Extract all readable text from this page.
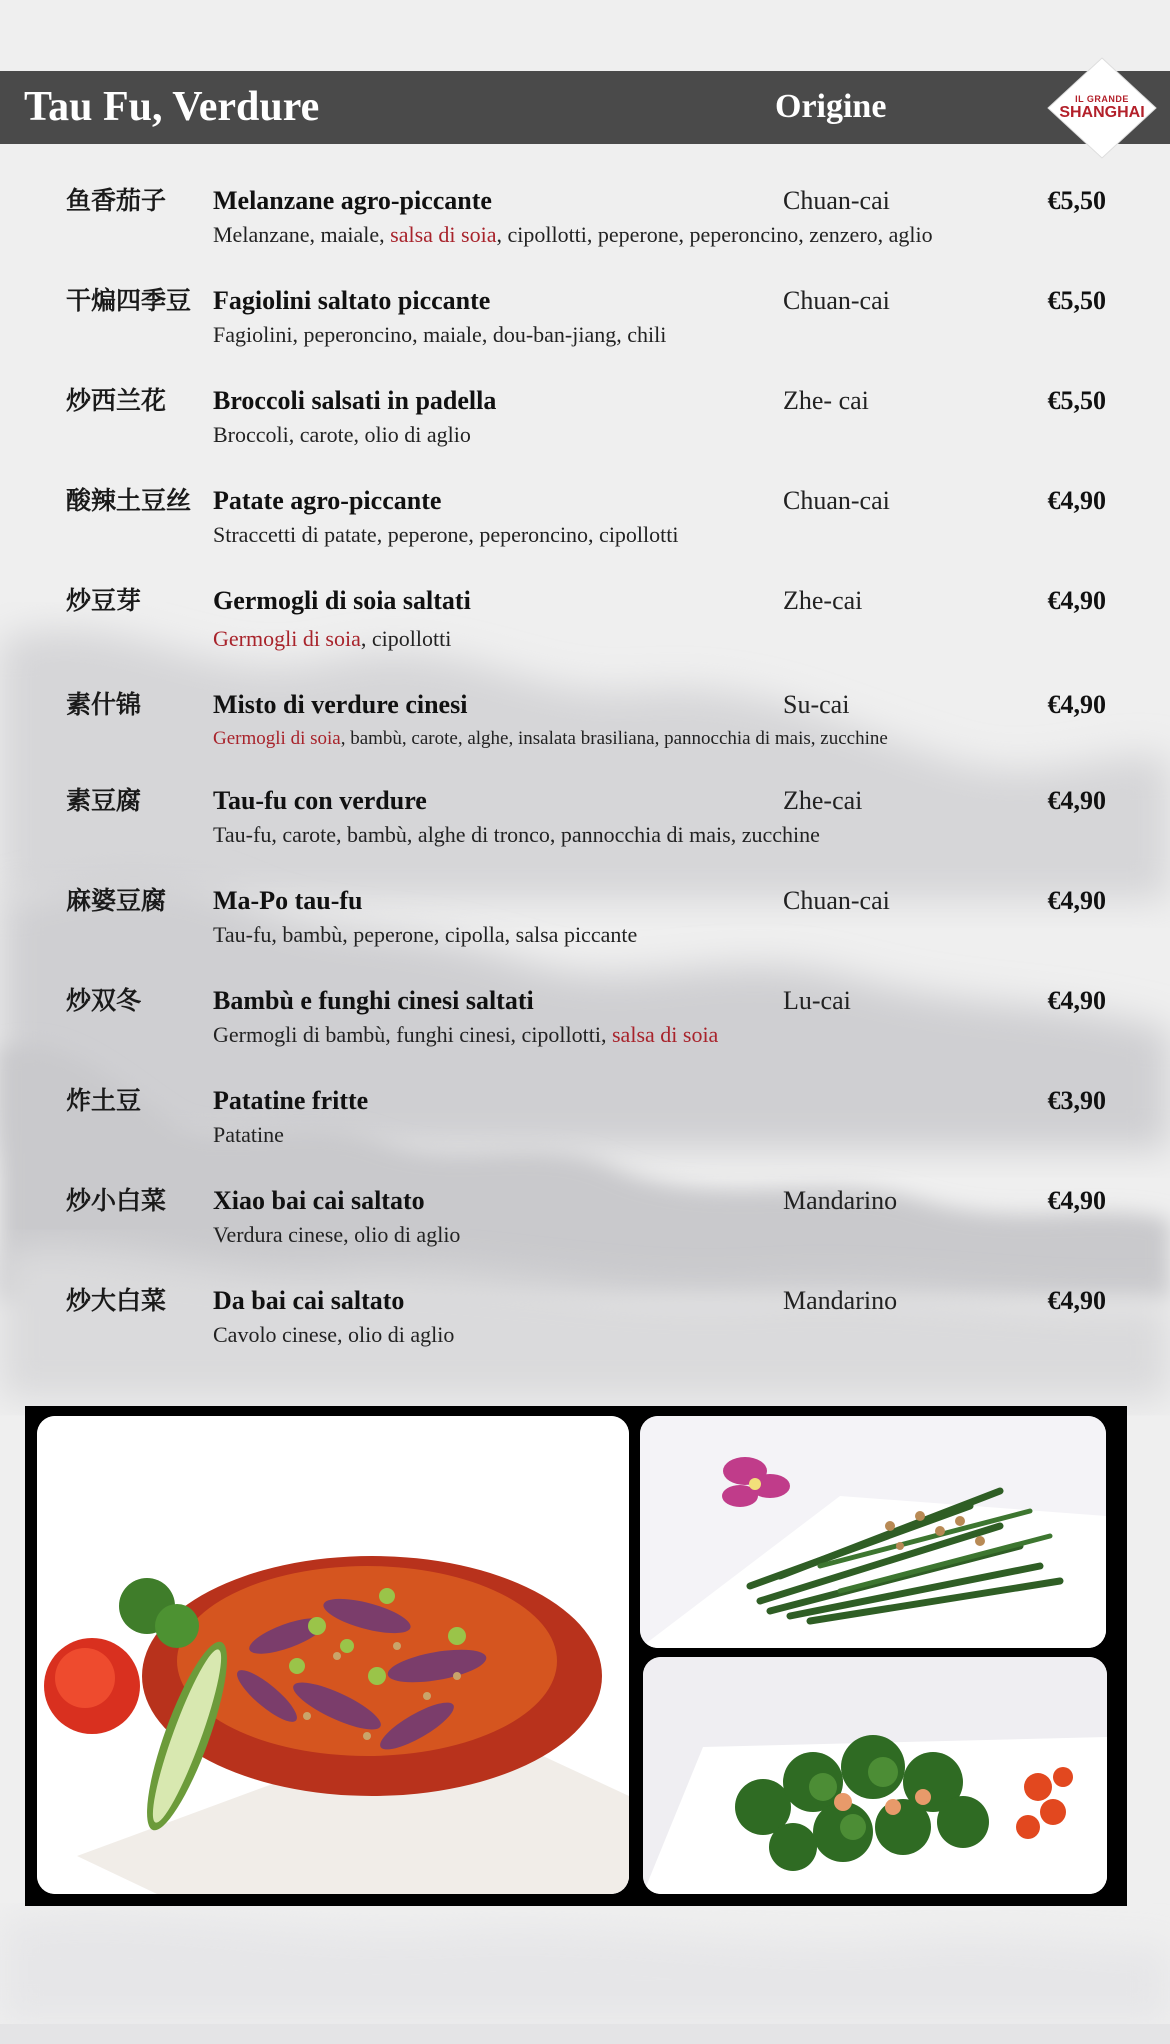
Tau Fu, Verdure	Origine	IL GRANDE
SHANGHAI
鱼香茄子 Melanzane agro-piccante	Chuan-cai	€5,50
Melanzane, maiale, salsa di soia, cipollotti, peperone, peperoncino, zenzero, aglio
干煸四季豆 Fagiolini saltato piccante	Chuan-cai	€5,50
Fagiolini, peperoncino, maiale, dou-ban-jiang, chili
炒西兰花 Broccoli salsati in padella	Zhe- cai	€5,50
Broccoli, carote, olio di aglio
酸辣土豆丝 Patate agro-piccante	Chuan-cai	€4,90
Straccetti di patate, peperone, peperoncino, cipollotti
炒豆芽	Germogli di soia saltati	Zhe-cai	€4,90
Germogli di soia, cipollotti
素什锦	Misto di verdure cinesi	Su-cai	€4,90
Germogli di soia, bambù, carote, alghe, insalata brasiliana, pannocchia di mais, zucchine
素豆腐	Tau-fu con verdure	Zhe-cai	€4,90
Tau-fu, carote, bambù, alghe di tronco, pannocchia di mais, zucchine
麻婆豆腐 Ma-Po tau-fu	Chuan-cai	€4,90
Tau-fu, bambù, peperone, cipolla, salsa piccante
炒双冬	Bambù e funghi cinesi saltati	Lu-cai	€4,90
Germogli di bambù, funghi cinesi, cipollotti, salsa di soia
炸土豆	Patatine fritte	€3,90
Patatine
炒小白菜 Xiao bai cai saltato	Mandarino	€4,90
Verdura cinese, olio di aglio
炒大白菜 Da bai cai saltato	Mandarino	€4,90
Cavolo cinese, olio di aglio
